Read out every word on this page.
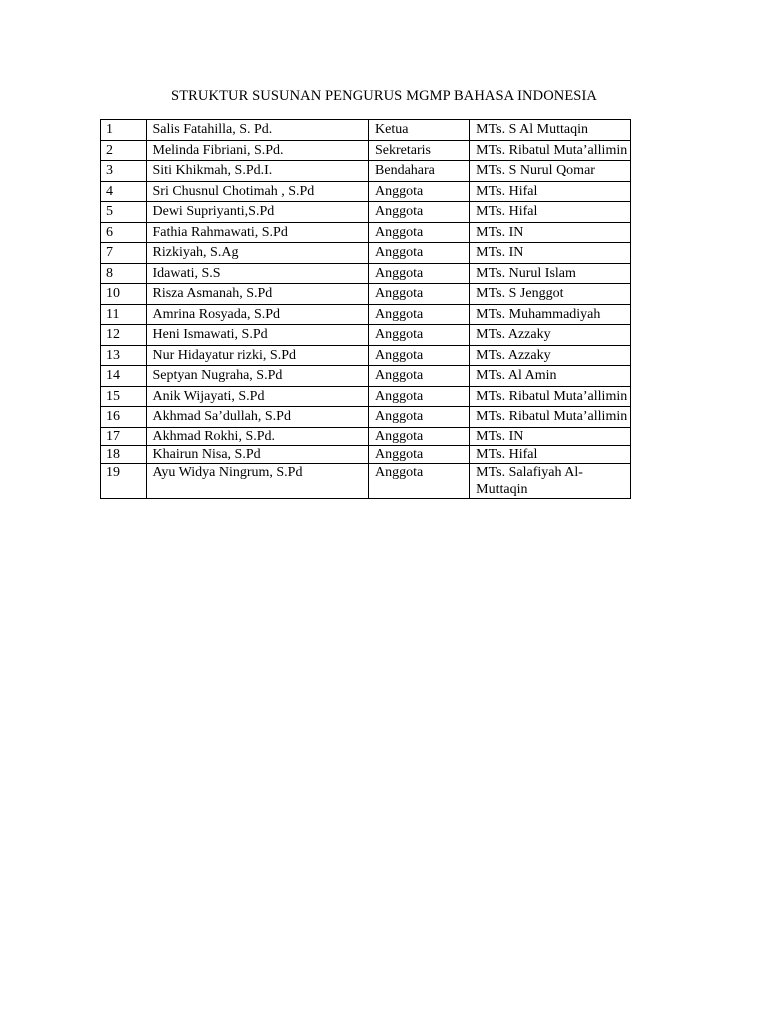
STRUKTUR SUSUNAN PENGURUS MGMP BAHASA INDONESIA
1	Salis Fatahilla, S. Pd.	Ketua	MTs. S Al Muttaqin
2	Melinda Fibriani, S.Pd.	Sekretaris	MTs. Ribatul Muta’allimin
3	Siti Khikmah, S.Pd.I.	Bendahara	MTs. S Nurul Qomar
4	Sri Chusnul Chotimah , S.Pd	Anggota	MTs. Hifal
5	Dewi Supriyanti,S.Pd	Anggota	MTs. Hifal
6	Fathia Rahmawati, S.Pd	Anggota	MTs. IN
7	Rizkiyah, S.Ag	Anggota	MTs. IN
8	Idawati, S.S	Anggota	MTs. Nurul Islam
10	Risza Asmanah, S.Pd	Anggota	MTs. S Jenggot
11	Amrina Rosyada, S.Pd	Anggota	MTs. Muhammadiyah
12	Heni Ismawati, S.Pd	Anggota	MTs. Azzaky
13	Nur Hidayatur rizki, S.Pd	Anggota	MTs. Azzaky
14	Septyan Nugraha, S.Pd	Anggota	MTs. Al Amin
15	Anik Wijayati, S.Pd	Anggota	MTs. Ribatul Muta’allimin
16	Akhmad Sa’dullah, S.Pd	Anggota	MTs. Ribatul Muta’allimin
17	Akhmad Rokhi, S.Pd.	Anggota	MTs. IN
18	Khairun Nisa, S.Pd	Anggota	MTs. Hifal
19	Ayu Widya Ningrum, S.Pd	Anggota	MTs. Salafiyah Al-Muttaqin
